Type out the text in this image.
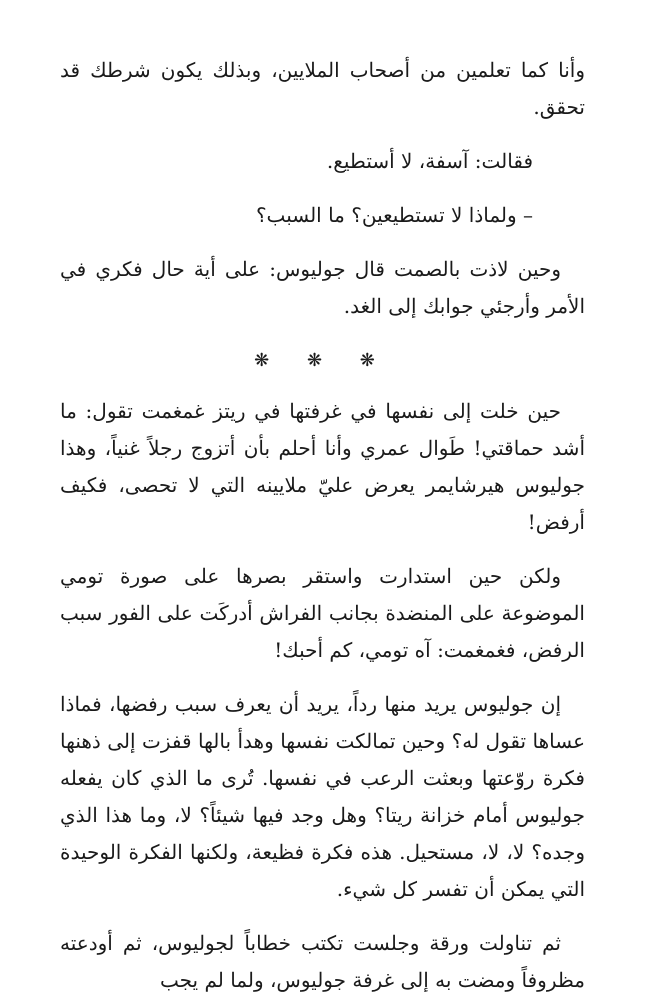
وأنا كما تعلمين من أصحاب الملايين، وبذلك يكون شرطك قد تحقق.

فقالت: آسفة، لا أستطيع.

– ولماذا لا تستطيعين؟ ما السبب؟

وحين لاذت بالصمت قال جوليوس: على أية حال فكري في الأمر وأرجئي جوابك إلى الغد.

❋ ❋ ❋

حين خلت إلى نفسها في غرفتها في ريتز غمغمت تقول: ما أشد حماقتي! طَوال عمري وأنا أحلم بأن أتزوج رجلاً غنياً، وهذا جوليوس هيرشايمر يعرض عليّ ملايينه التي لا تحصى، فكيف أرفض!

ولكن حين استدارت واستقر بصرها على صورة تومي الموضوعة على المنضدة بجانب الفراش أدركَت على الفور سبب الرفض، فغمغمت: آه تومي، كم أحبك!

إن جوليوس يريد منها رداً، يريد أن يعرف سبب رفضها، فماذا عساها تقول له؟ وحين تمالكت نفسها وهدأ بالها قفزت إلى ذهنها فكرة روّعتها وبعثت الرعب في نفسها. تُرى ما الذي كان يفعله جوليوس أمام خزانة ريتا؟ وهل وجد فيها شيئاً؟ لا، وما هذا الذي وجده؟ لا، لا، مستحيل. هذه فكرة فظيعة، ولكنها الفكرة الوحيدة التي يمكن أن تفسر كل شيء.

ثم تناولت ورقة وجلست تكتب خطاباً لجوليوس، ثم أودعته مظروفاً ومضت به إلى غرفة جوليوس، ولما لم يجب
